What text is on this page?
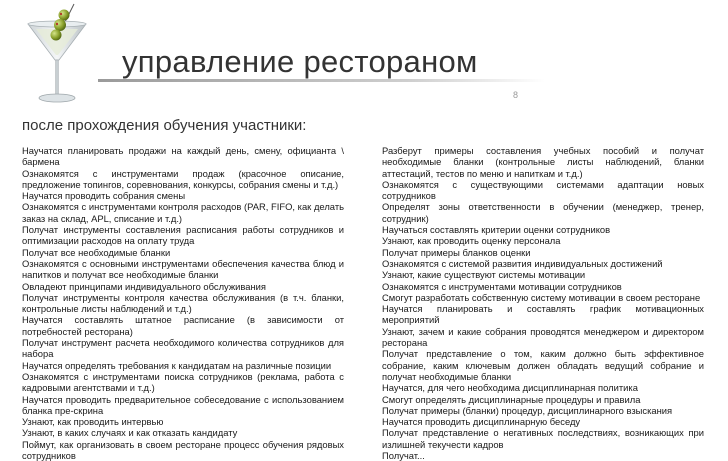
управление рестораном
8
после прохождения обучения участники:

Научатся планировать продажи на каждый день, смену, официанта \ бармена

Ознакомятся с инструментами продаж (красочное описание, предложение топингов, соревнования, конкурсы, собрания смены и т.д.)

Научатся проводить собрания смены

Ознакомятся с инструментами контроля расходов (PAR, FIFO, как делать заказ на склад, APL, списание и т.д.)

Получат инструменты составления расписания работы сотрудников и оптимизации расходов на оплату труда

Получат все необходимые бланки

Ознакомятся с основными инструментами обеспечения качества блюд и напитков и получат все необходимые бланки

Овладеют принципами индивидуального обслуживания

Получат инструменты контроля качества обслуживания (в т.ч. бланки, контрольные листы наблюдений и т.д.)

Научатся составлять штатное расписание (в зависимости от потребностей ресторана)

Получат инструмент расчета необходимого количества сотрудников для набора

Научатся определять требования к кандидатам на различные позиции

Ознакомятся с инструментами поиска сотрудников (реклама, работа с кадровыми агентствами и т.д.)

Научатся проводить предварительное собеседование с использованием бланка пре-скрина

Узнают, как проводить интервью

Узнают, в каких случаях и как отказать кандидату

Поймут, как организовать в своем ресторане процесс обучения рядовых сотрудников

Разберут примеры составления учебных пособий и получат необходимые бланки (контрольные листы наблюдений, бланки аттестаций, тестов по меню и напиткам и т.д.)

Ознакомятся с существующими системами адаптации новых сотрудников

Определят зоны ответственности в обучении (менеджер, тренер, сотрудник)

Научаться составлять критерии оценки сотрудников

Узнают, как проводить оценку персонала

Получат примеры бланков оценки

Ознакомятся с системой развития индивидуальных достижений

Узнают, какие существуют системы мотивации

Ознакомятся с инструментами мотивации сотрудников

Смогут разработать собственную систему мотивации в своем ресторане

Научатся планировать и составлять график мотивационных мероприятий

Узнают, зачем и какие собрания проводятся менеджером и директором ресторана

Получат представление о том, каким должно быть эффективное собрание, каким ключевым должен обладать ведущий собрание и получат необходимые бланки

Научатся, для чего необходима дисциплинарная политика

Смогут определять дисциплинарные процедуры и правила

Получат примеры (бланки) процедур, дисциплинарного взыскания

Научатся проводить дисциплинарную беседу

Получат представление о негативных последствиях, возникающих при излишней текучести кадров

Получат...
